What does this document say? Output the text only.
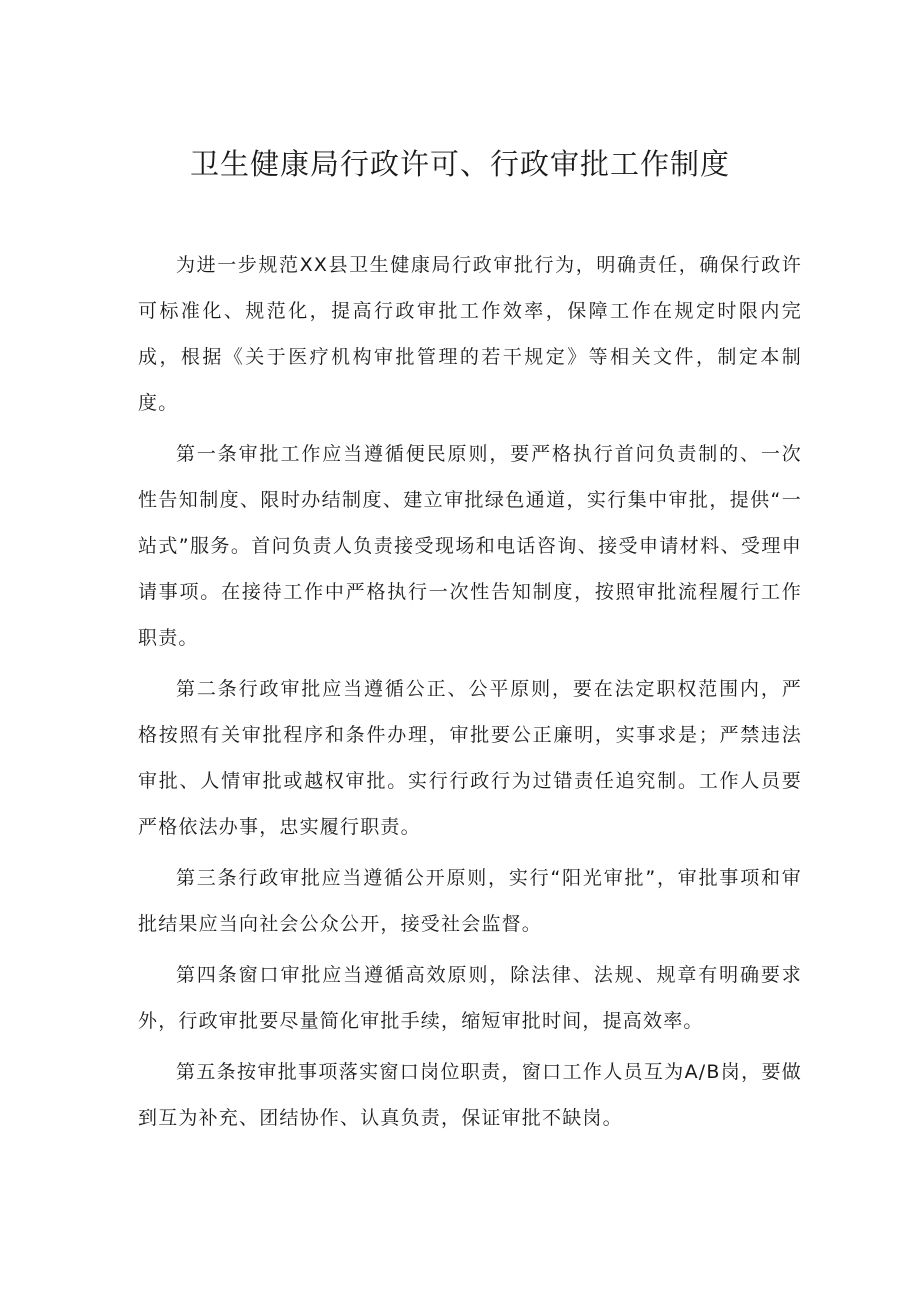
卫生健康局行政许可、行政审批工作制度

为进一步规范XX县卫生健康局行政审批行为，明确责任，确保行政许可标准化、规范化，提高行政审批工作效率，保障工作在规定时限内完成，根据《关于医疗机构审批管理的若干规定》等相关文件，制定本制度。

第一条审批工作应当遵循便民原则，要严格执行首问负责制的、一次性告知制度、限时办结制度、建立审批绿色通道，实行集中审批，提供“一站式”服务。首问负责人负责接受现场和电话咨询、接受申请材料、受理申请事项。在接待工作中严格执行一次性告知制度，按照审批流程履行工作职责。

第二条行政审批应当遵循公正、公平原则，要在法定职权范围内，严格按照有关审批程序和条件办理，审批要公正廉明，实事求是；严禁违法审批、人情审批或越权审批。实行行政行为过错责任追究制。工作人员要严格依法办事，忠实履行职责。

第三条行政审批应当遵循公开原则，实行“阳光审批”，审批事项和审批结果应当向社会公众公开，接受社会监督。

第四条窗口审批应当遵循高效原则，除法律、法规、规章有明确要求外，行政审批要尽量简化审批手续，缩短审批时间，提高效率。

第五条按审批事项落实窗口岗位职责，窗口工作人员互为A/B岗，要做到互为补充、团结协作、认真负责，保证审批不缺岗。
